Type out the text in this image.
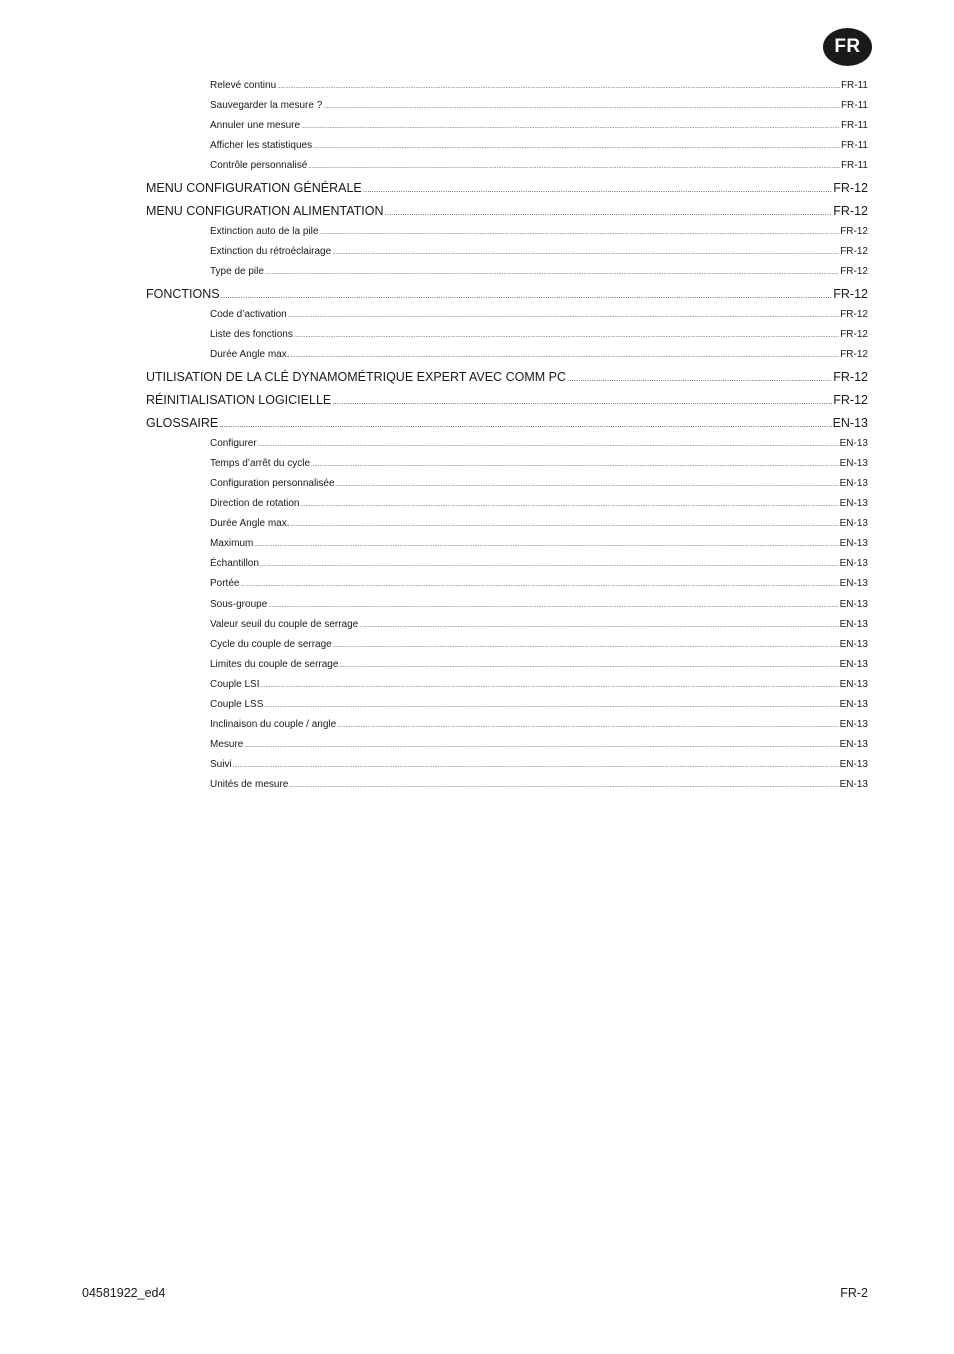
FR
Relevé continu .....	FR-11
Sauvegarder la mesure ? .....	FR-11
Annuler une mesure .....	FR-11
Afficher les statistiques .....	FR-11
Contrôle personnalisé .....	FR-11
MENU CONFIGURATION GÉNÉRALE .....	FR-12
MENU CONFIGURATION ALIMENTATION .....	FR-12
Extinction auto de la pile .....	FR-12
Extinction du rétroéclairage .....	FR-12
Type de pile .....	FR-12
FONCTIONS .....	FR-12
Code d’activation .....	FR-12
Liste des fonctions .....	FR-12
Durée Angle max. .....	FR-12
UTILISATION DE LA CLÉ DYNAMOMÉTRIQUE EXPERT AVEC COMM PC .....	FR-12
RÉINITIALISATION LOGICIELLE .....	FR-12
GLOSSAIRE .....	EN-13
Configurer .....	EN-13
Temps d’arrêt du cycle .....	EN-13
Configuration personnalisée .....	EN-13
Direction de rotation .....	EN-13
Durée Angle max. .....	EN-13
Maximum .....	EN-13
Échantillon .....	EN-13
Portée .....	EN-13
Sous-groupe .....	EN-13
Valeur seuil du couple de serrage .....	EN-13
Cycle du couple de serrage .....	EN-13
Limites du couple de serrage .....	EN-13
Couple LSI .....	EN-13
Couple LSS .....	EN-13
Inclinaison du couple / angle .....	EN-13
Mesure .....	EN-13
Suivi .....	EN-13
Unités de mesure .....	EN-13
04581922_ed4	FR-2
